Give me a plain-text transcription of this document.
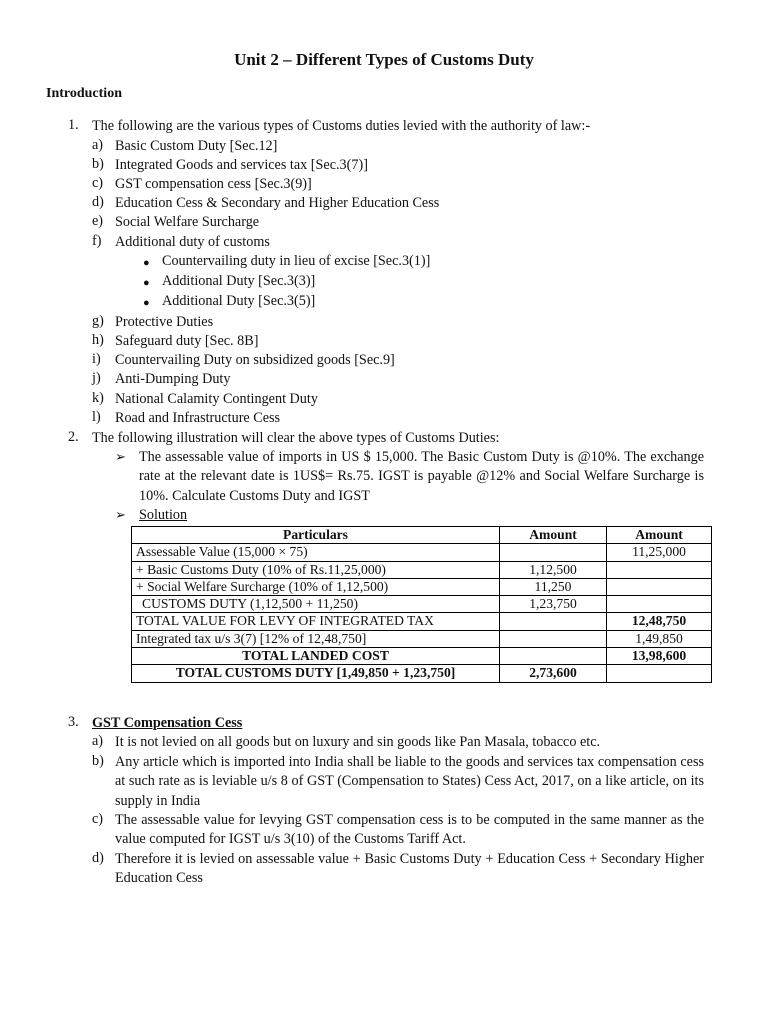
Unit 2 – Different Types of Customs Duty
Introduction
1. The following are the various types of Customs duties levied with the authority of law:-
a) Basic Custom Duty [Sec.12]
b) Integrated Goods and services tax [Sec.3(7)]
c) GST compensation cess [Sec.3(9)]
d) Education Cess & Secondary and Higher Education Cess
e) Social Welfare Surcharge
f) Additional duty of customs
● Countervailing duty in lieu of excise [Sec.3(1)]
● Additional Duty [Sec.3(3)]
● Additional Duty [Sec.3(5)]
g) Protective Duties
h) Safeguard duty [Sec. 8B]
i)	Countervailing Duty on subsidized goods [Sec.9]
j)	Anti-Dumping Duty
k) National Calamity Contingent Duty
l)	Road and Infrastructure Cess
2. The following illustration will clear the above types of Customs Duties:
➢ The assessable value of imports in US $ 15,000. The Basic Custom Duty is @10%. The exchange rate at the relevant date is 1US$= Rs.75. IGST is payable @12% and Social Welfare Surcharge is 10%. Calculate Customs Duty and IGST
➢ Solution
Particulars	Amount	Amount
Assessable Value (15,000 × 75)		11,25,000
+ Basic Customs Duty (10% of Rs.11,25,000)	1,12,500	
+ Social Welfare Surcharge (10% of 1,12,500)	11,250	
CUSTOMS DUTY (1,12,500 + 11,250)	1,23,750	
TOTAL VALUE FOR LEVY OF INTEGRATED TAX		12,48,750
Integrated tax u/s 3(7) [12% of 12,48,750]		1,49,850
TOTAL LANDED COST		13,98,600
TOTAL CUSTOMS DUTY [1,49,850 + 1,23,750]	2,73,600	
3. GST Compensation Cess
a) It is not levied on all goods but on luxury and sin goods like Pan Masala, tobacco etc.
b) Any article which is imported into India shall be liable to the goods and services tax compensation cess at such rate as is leviable u/s 8 of GST (Compensation to States) Cess Act, 2017, on a like article, on its supply in India
c) The assessable value for levying GST compensation cess is to be computed in the same manner as the value computed for IGST u/s 3(10) of the Customs Tariff Act.
d) Therefore it is levied on assessable value + Basic Customs Duty + Education Cess + Secondary Higher Education Cess
